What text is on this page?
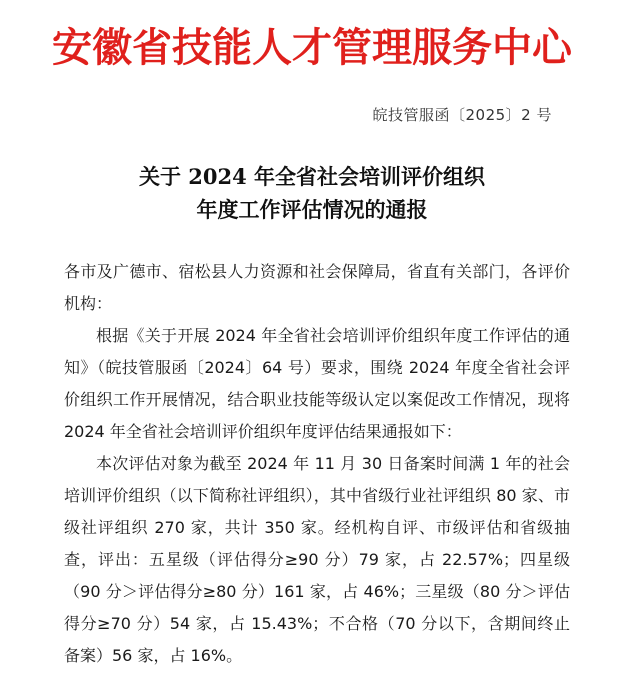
安徽省技能人才管理服务中心
皖技管服函〔2025〕2 号
关于 2024 年全省社会培训评价组织
年度工作评估情况的通报

各市及广德市、宿松县人力资源和社会保障局，省直有关部门，各评价机构：

根据《关于开展 2024 年全省社会培训评价组织年度工作评估的通知》（皖技管服函〔2024〕64 号）要求，围绕 2024 年度全省社会评价组织工作开展情况，结合职业技能等级认定以案促改工作情况，现将 2024 年全省社会培训评价组织年度评估结果通报如下：

本次评估对象为截至 2024 年 11 月 30 日备案时间满 1 年的社会培训评价组织（以下简称社评组织），其中省级行业社评组织 80 家、市级社评组织 270 家，共计 350 家。经机构自评、市级评估和省级抽查，评出：五星级（评估得分≥90 分）79 家，占 22.57%；四星级（90 分＞评估得分≥80 分）161 家，占 46%；三星级（80 分＞评估得分≥70 分）54 家，占 15.43%；不合格（70 分以下，含期间终止备案）56 家，占 16%。
